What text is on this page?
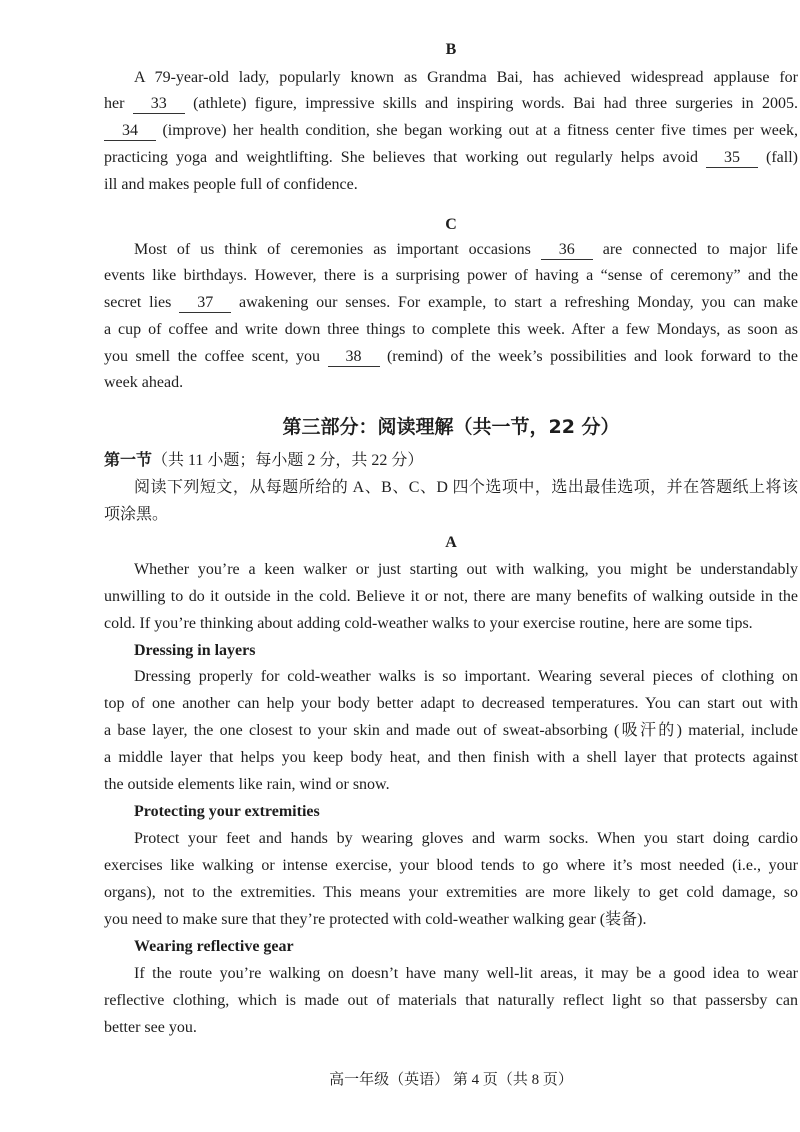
B
A 79-year-old lady, popularly known as Grandma Bai, has achieved widespread applause for
her 33 (athlete) figure, impressive skills and inspiring words. Bai had three surgeries in 2005.
34 (improve) her health condition, she began working out at a fitness center five times per week,
practicing yoga and weightlifting. She believes that working out regularly helps avoid 35 (fall)
ill and makes people full of confidence.
C
Most of us think of ceremonies as important occasions 36 are connected to major life
events like birthdays. However, there is a surprising power of having a “sense of ceremony” and the
secret lies 37 awakening our senses. For example, to start a refreshing Monday, you can make
a cup of coffee and write down three things to complete this week. After a few Mondays, as soon as
you smell the coffee scent, you 38 (remind) of the week’s possibilities and look forward to the
week ahead.
第三部分：阅读理解（共一节，22 分）
第一节（共 11 小题；每小题 2 分，共 22 分）
阅读下列短文，从每题所给的 A、B、C、D 四个选项中，选出最佳选项，并在答题纸上将该
项涂黑。
A
Whether you’re a keen walker or just starting out with walking, you might be understandably
unwilling to do it outside in the cold. Believe it or not, there are many benefits of walking outside in the
cold. If you’re thinking about adding cold-weather walks to your exercise routine, here are some tips.
Dressing in layers
Dressing properly for cold-weather walks is so important. Wearing several pieces of clothing on
top of one another can help your body better adapt to decreased temperatures. You can start out with
a base layer, the one closest to your skin and made out of sweat-absorbing (吸汗的) material, include
a middle layer that helps you keep body heat, and then finish with a shell layer that protects against
the outside elements like rain, wind or snow.
Protecting your extremities
Protect your feet and hands by wearing gloves and warm socks. When you start doing cardio
exercises like walking or intense exercise, your blood tends to go where it’s most needed (i.e., your
organs), not to the extremities. This means your extremities are more likely to get cold damage, so
you need to make sure that they’re protected with cold-weather walking gear (装备).
Wearing reflective gear
If the route you’re walking on doesn’t have many well-lit areas, it may be a good idea to wear
reflective clothing, which is made out of materials that naturally reflect light so that passersby can
better see you.
高一年级（英语） 第 4 页（共 8 页）
